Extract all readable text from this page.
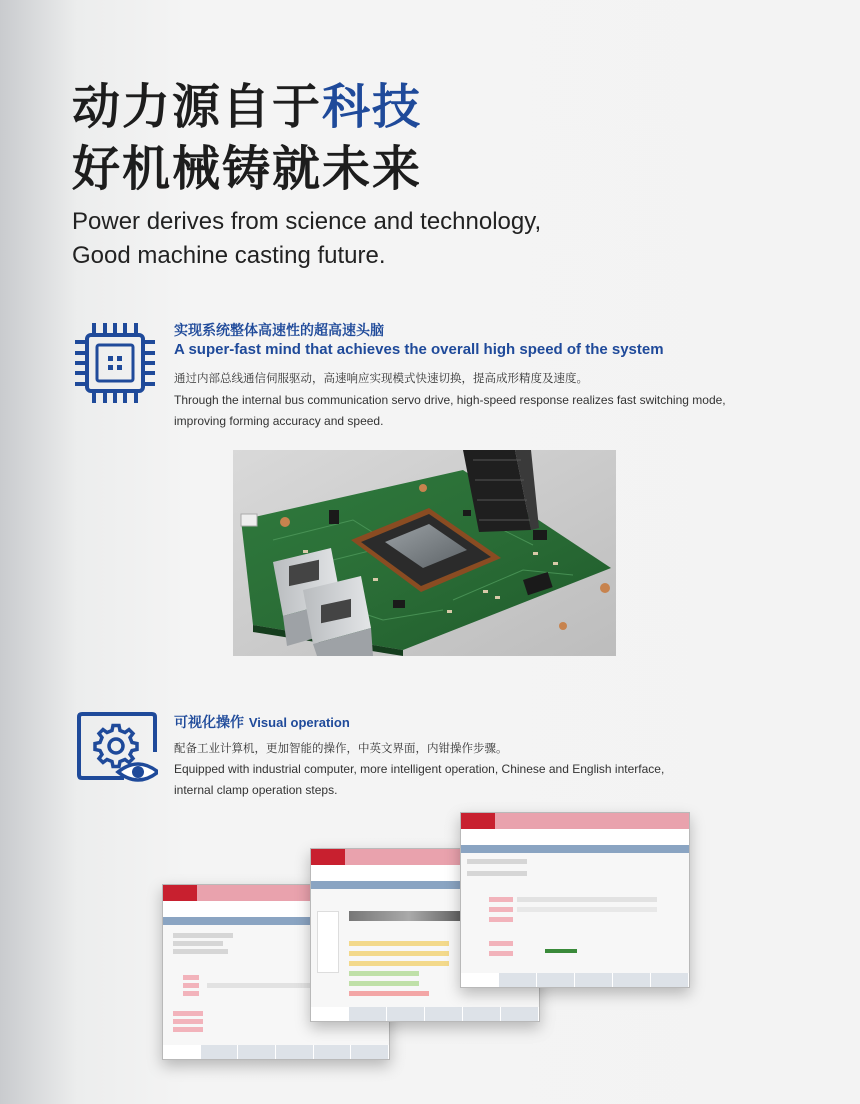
动力源自于科技
好机械铸就未来

Power derives from science and technology,

Good machine casting future.

实现系统整体高速性的超高速头脑

A super-fast mind that achieves the overall high speed of the system

通过内部总线通信伺服驱动，高速响应实现模式快速切换，提高成形精度及速度。

Through the internal bus communication servo drive, high-speed response realizes fast switching mode,

improving forming accuracy and speed.

可视化操作 Visual operation

配备工业计算机，更加智能的操作，中英文界面，内钳操作步骤。

Equipped with industrial computer, more intelligent operation, Chinese and English interface,

internal clamp operation steps.
